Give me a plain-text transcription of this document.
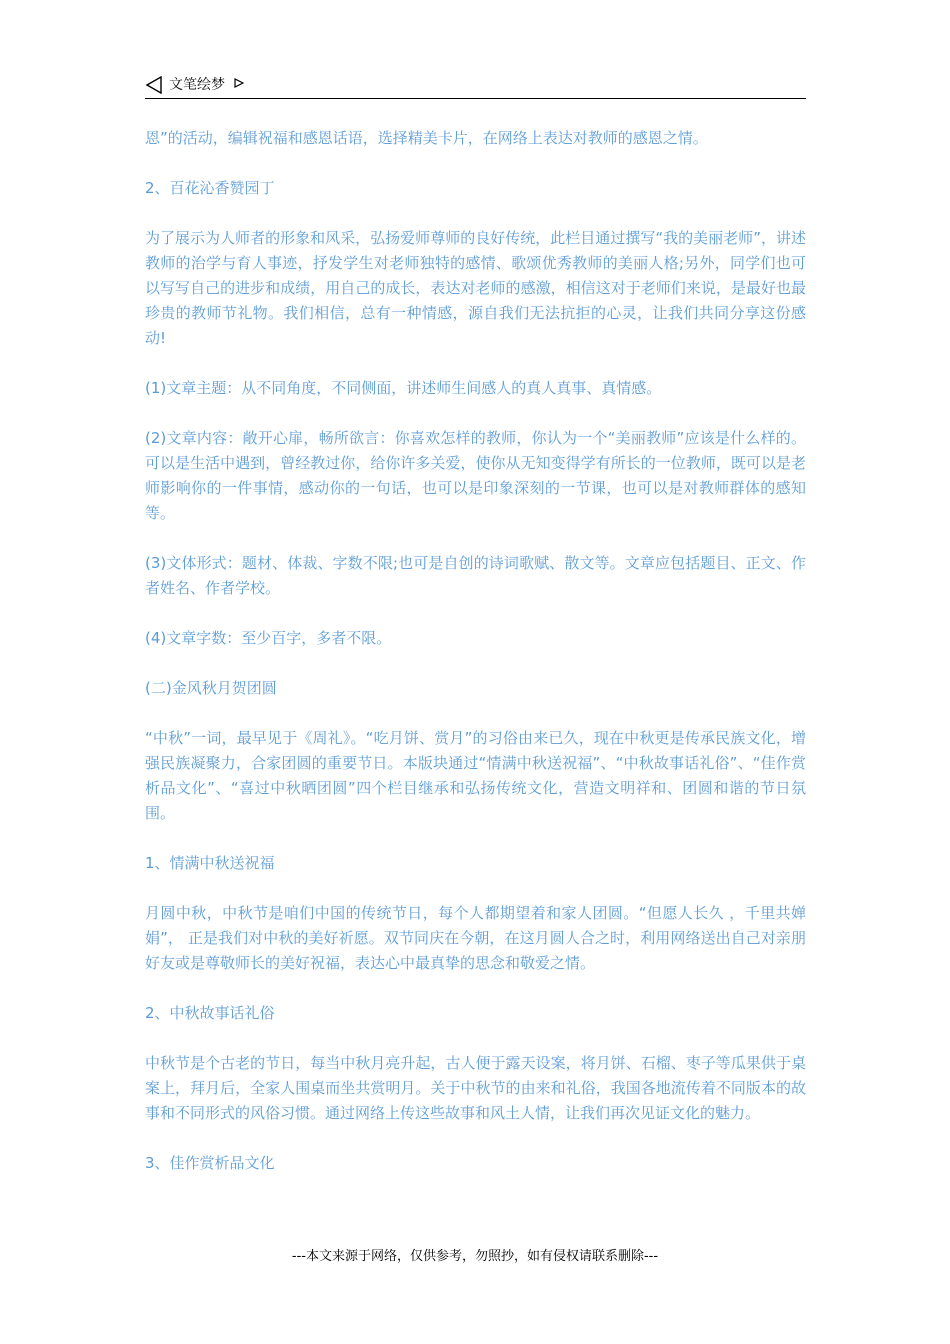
文笔绘梦

恩”的活动，编辑祝福和感恩话语，选择精美卡片，在网络上表达对教师的感恩之情。

2、百花沁香赞园丁

为了展示为人师者的形象和风采，弘扬爱师尊师的良好传统，此栏目通过撰写“我的美丽老师”，讲述教师的治学与育人事迹，抒发学生对老师独特的感情、歌颂优秀教师的美丽人格;另外，同学们也可以写写自己的进步和成绩，用自己的成长，表达对老师的感激，相信这对于老师们来说，是最好也最珍贵的教师节礼物。我们相信，总有一种情感，源自我们无法抗拒的心灵，让我们共同分享这份感动!

(1)文章主题：从不同角度，不同侧面，讲述师生间感人的真人真事、真情感。

(2)文章内容：敞开心扉，畅所欲言：你喜欢怎样的教师，你认为一个“美丽教师”应该是什么样的。可以是生活中遇到，曾经教过你，给你许多关爱，使你从无知变得学有所长的一位教师，既可以是老师影响你的一件事情，感动你的一句话，也可以是印象深刻的一节课，也可以是对教师群体的感知等。

(3)文体形式：题材、体裁、字数不限;也可是自创的诗词歌赋、散文等。文章应包括题目、正文、作者姓名、作者学校。

(4)文章字数：至少百字，多者不限。

(二)金风秋月贺团圆

“中秋”一词，最早见于《周礼》。“吃月饼、赏月”的习俗由来已久，现在中秋更是传承民族文化，增强民族凝聚力，合家团圆的重要节日。本版块通过“情满中秋送祝福”、“中秋故事话礼俗”、“佳作赏析品文化”、“喜过中秋晒团圆”四个栏目继承和弘扬传统文化，营造文明祥和、团圆和谐的节日氛围。

1、情满中秋送祝福

月圆中秋，中秋节是咱们中国的传统节日，每个人都期望着和家人团圆。“但愿人长久 ，千里共婵娟”， 正是我们对中秋的美好祈愿。双节同庆在今朝，在这月圆人合之时，利用网络送出自己对亲朋好友或是尊敬师长的美好祝福，表达心中最真挚的思念和敬爱之情。

2、中秋故事话礼俗

中秋节是个古老的节日，每当中秋月亮升起，古人便于露天设案，将月饼、石榴、枣子等瓜果供于桌案上，拜月后，全家人围桌而坐共赏明月。关于中秋节的由来和礼俗，我国各地流传着不同版本的故事和不同形式的风俗习惯。通过网络上传这些故事和风土人情，让我们再次见证文化的魅力。

3、佳作赏析品文化

---本文来源于网络，仅供参考，勿照抄，如有侵权请联系删除---
